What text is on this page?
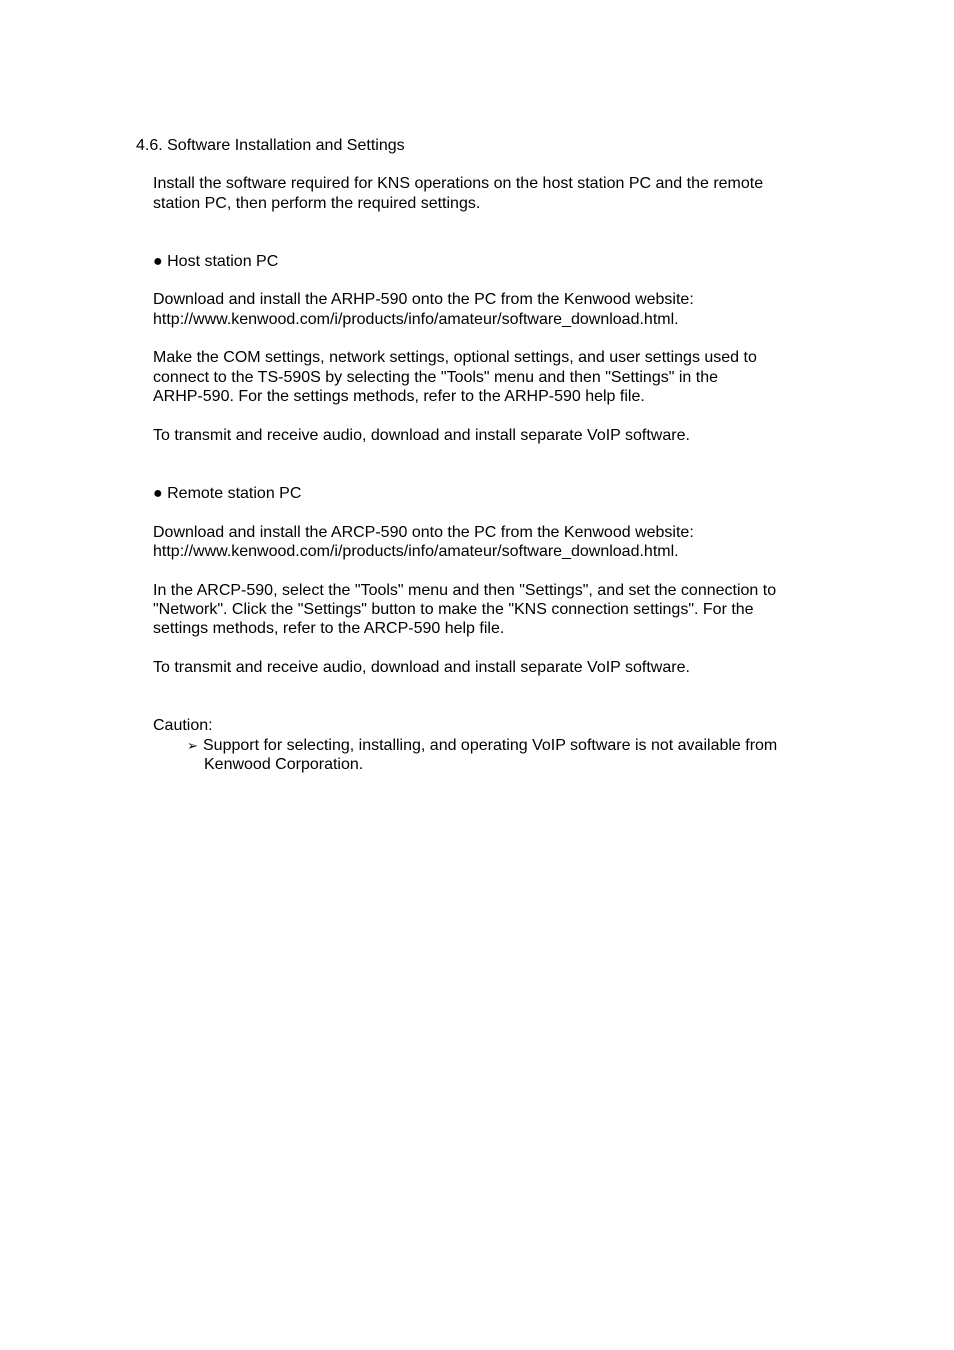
4.6. Software Installation and Settings
Install the software required for KNS operations on the host station PC and the remote
station PC, then perform the required settings.
● Host station PC
Download and install the ARHP-590 onto the PC from the Kenwood website:
http://www.kenwood.com/i/products/info/amateur/software_download.html.
Make the COM settings, network settings, optional settings, and user settings used to
connect to the TS-590S by selecting the "Tools" menu and then "Settings" in the
ARHP-590. For the settings methods, refer to the ARHP-590 help file.
To transmit and receive audio, download and install separate VoIP software.
● Remote station PC
Download and install the ARCP-590 onto the PC from the Kenwood website:
http://www.kenwood.com/i/products/info/amateur/software_download.html.
In the ARCP-590, select the "Tools" menu and then "Settings", and set the connection to
"Network". Click the "Settings" button to make the "KNS connection settings". For the
settings methods, refer to the ARCP-590 help file.
To transmit and receive audio, download and install separate VoIP software.
Caution:
➢ Support for selecting, installing, and operating VoIP software is not available from
Kenwood Corporation.
